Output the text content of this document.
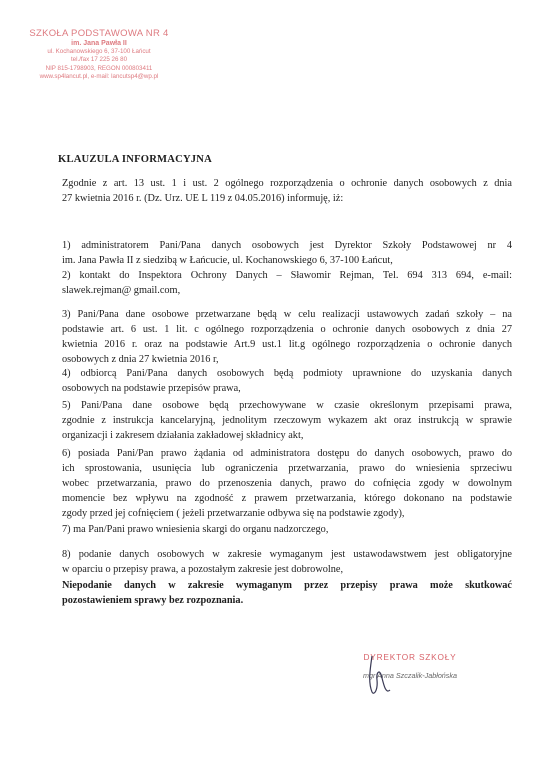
SZKOŁA PODSTAWOWA NR 4
im. Jana Pawła II
ul. Kochanowskiego 6, 37-100 Łańcut
tel./fax 17 225 26 80
NIP 815-1798903, REGON 000803411
www.sp4lancut.pl, e-mail: lancutsp4@wp.pl
KLAUZULA INFORMACYJNA

Zgodnie z art. 13 ust. 1 i ust. 2 ogólnego rozporządzenia o ochronie danych osobowych z dnia
27 kwietnia 2016 r. (Dz. Urz. UE L 119 z 04.05.2016) informuję, iż:

1) administratorem Pani/Pana danych osobowych jest Dyrektor Szkoły Podstawowej nr 4
im. Jana Pawła II z siedzibą w Łańcucie, ul. Kochanowskiego 6, 37-100 Łańcut,

2) kontakt do Inspektora Ochrony Danych – Sławomir Rejman, Tel. 694 313 694, e-mail:
slawek.rejman@ gmail.com,

3) Pani/Pana dane osobowe przetwarzane będą w celu realizacji ustawowych zadań szkoły – na
podstawie art. 6 ust. 1 lit. c ogólnego rozporządzenia o ochronie danych osobowych z dnia 27
kwietnia 2016 r. oraz na podstawie Art.9 ust.1 lit.g ogólnego rozporządzenia o ochronie danych
osobowych z dnia 27 kwietnia 2016 r,

4) odbiorcą Pani/Pana danych osobowych będą podmioty uprawnione do uzyskania danych
osobowych na podstawie przepisów prawa,

5) Pani/Pana dane osobowe będą przechowywane w czasie określonym przepisami prawa,
zgodnie z instrukcja kancelaryjną, jednolitym rzeczowym wykazem akt oraz instrukcją w sprawie
organizacji i zakresem działania zakładowej składnicy akt,

6) posiada Pani/Pan prawo żądania od administratora dostępu do danych osobowych, prawo do
ich sprostowania, usunięcia lub ograniczenia przetwarzania, prawo do wniesienia sprzeciwu
wobec przetwarzania, prawo do przenoszenia danych, prawo do cofnięcia zgody w dowolnym
momencie bez wpływu na zgodność z prawem przetwarzania, którego dokonano na podstawie
zgody przed jej cofnięciem ( jeżeli przetwarzanie odbywa się na podstawie zgody),

7) ma Pan/Pani prawo wniesienia skargi do organu nadzorczego,

8) podanie danych osobowych w zakresie wymaganym jest ustawodawstwem jest obligatoryjne
w oparciu o przepisy prawa, a pozostałym zakresie jest dobrowolne,

Niepodanie danych w zakresie wymaganym przez przepisy prawa może skutkować
pozostawieniem sprawy bez rozpoznania.

DYREKTOR SZKOŁY
mgr Anna Szczalik-Jabłońska
